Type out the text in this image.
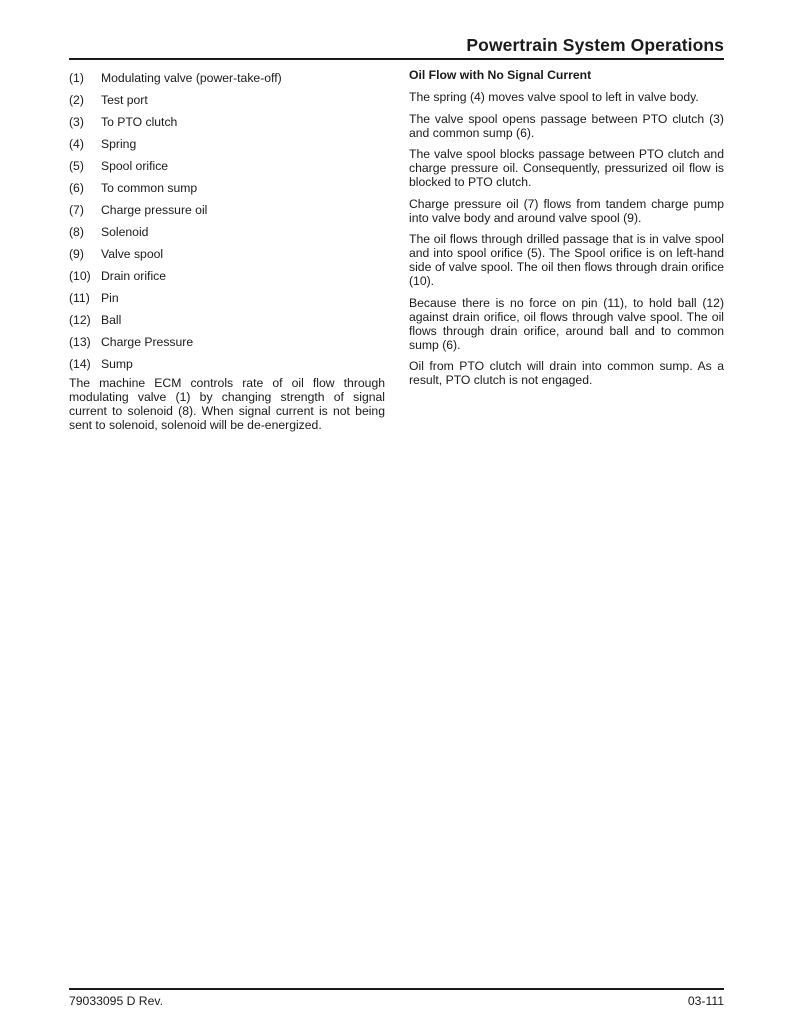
Powertrain System Operations
(1)	Modulating valve (power-take-off)
(2)	Test port
(3)	To PTO clutch
(4)	Spring
(5)	Spool orifice
(6)	To common sump
(7)	Charge pressure oil
(8)	Solenoid
(9)	Valve spool
(10) Drain orifice
(11) Pin
(12) Ball
(13) Charge Pressure
(14) Sump

The machine ECM controls rate of oil flow through modulating valve (1) by changing strength of signal current to solenoid (8). When signal current is not being sent to solenoid, solenoid will be de-energized.

Oil Flow with No Signal Current

The spring (4) moves valve spool to left in valve body.

The valve spool opens passage between PTO clutch (3) and common sump (6).

The valve spool blocks passage between PTO clutch and charge pressure oil. Consequently, pressurized oil flow is blocked to PTO clutch.

Charge pressure oil (7) flows from tandem charge pump into valve body and around valve spool (9).

The oil flows through drilled passage that is in valve spool and into spool orifice (5). The Spool orifice is on left-hand side of valve spool. The oil then flows through drain orifice (10).

Because there is no force on pin (11), to hold ball (12) against drain orifice, oil flows through valve spool. The oil flows through drain orifice, around ball and to common sump (6).

Oil from PTO clutch will drain into common sump. As a result, PTO clutch is not engaged.

79033095 D Rev.	03-111
